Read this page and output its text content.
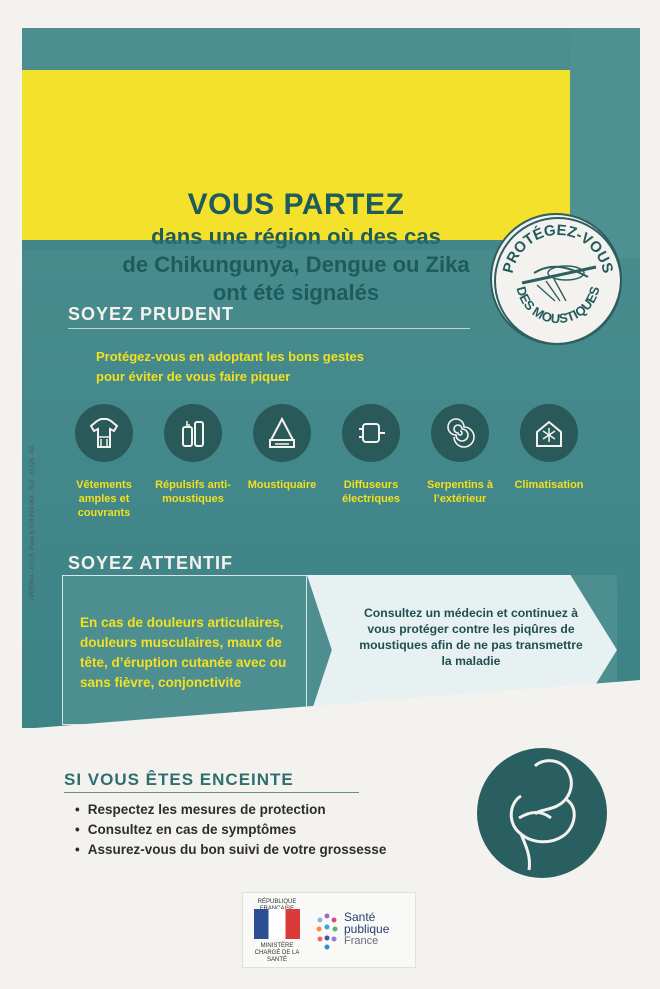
VOUS PARTEZ
dans une région où des cas
de Chikungunya, Dengue ou Zika
ont été signalés
PROTÉGEZ-VOUS
DES MOUSTIQUES
SOYEZ PRUDENT
Protégez-vous en adoptant les bons gestes
pour éviter de vous faire piquer
Vêtements amples et couvrants
Répulsifs anti-moustiques
Moustiquaire	Diffuseurs électriques
Serpentins à l’extérieur
Climatisation
SOYEZ ATTENTIF
En cas de douleurs articulaires, douleurs musculaires, maux de tête, d’éruption cutanée avec ou sans fièvre, conjonctivite
Consultez un médecin et continuez à vous protéger contre les piqûres de moustiques afin de ne pas transmettre la maladie
SI VOUS ÊTES ENCEINTE
• Respectez les mesures de protection
• Consultez en cas de symptômes
• Assurez-vous du bon suivi de votre grossesse
RÉPUBLIQUE
MINISTÈRE CHARGÉ DE LA SANTÉ
Santé
publique
France
ARTERIA - R.C.S. Paris B 378 890 063 - 313 - 51728 - 0A
